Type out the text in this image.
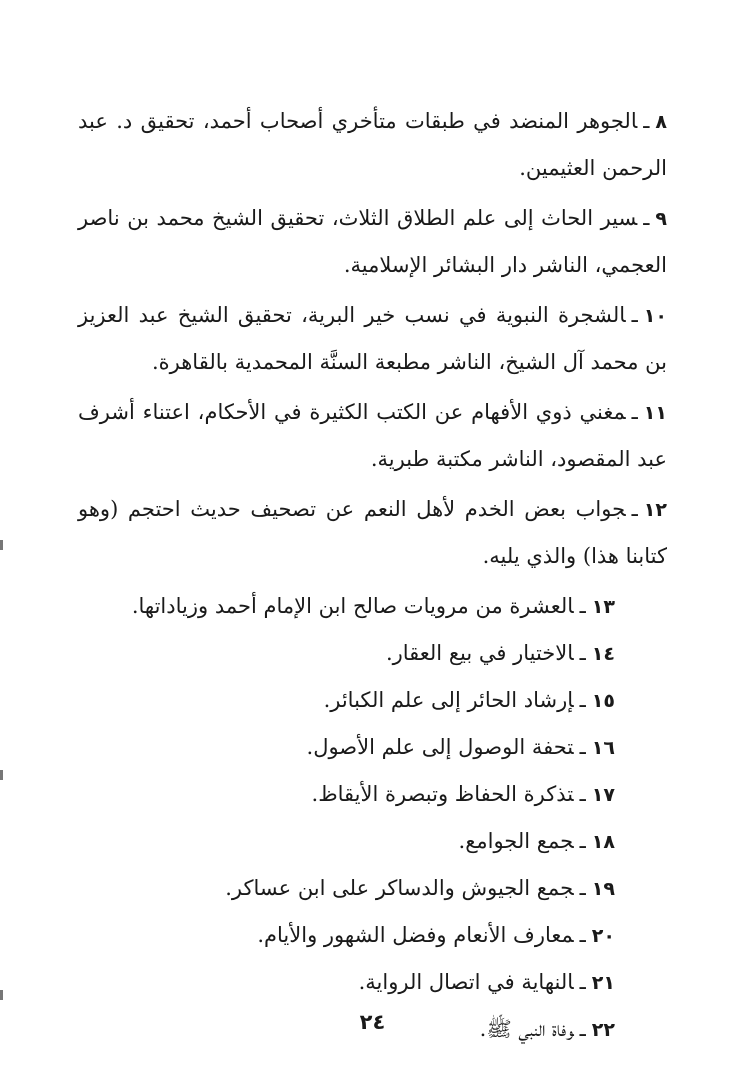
٨ـالجوهر المنضد في طبقات متأخري أصحاب أحمد، تحقيق د. عبد الرحمن العثيمين.

٩ـسير الحاث إلى علم الطلاق الثلاث، تحقيق الشيخ محمد بن ناصر العجمي، الناشر دار البشائر الإسلامية.

١٠ـالشجرة النبوية في نسب خير البرية، تحقيق الشيخ عبد العزيز بن محمد آل الشيخ، الناشر مطبعة السنَّة المحمدية بالقاهرة.

١١ـمغني ذوي الأفهام عن الكتب الكثيرة في الأحكام، اعتناء أشرف عبد المقصود، الناشر مكتبة طبرية.

١٢ـجواب بعض الخدم لأهل النعم عن تصحيف حديث احتجم (وهو كتابنا هذا) والذي يليه.

١٣ـالعشرة من مرويات صالح ابن الإمام أحمد وزياداتها.

١٤ـالاختيار في بيع العقار.

١٥ـإرشاد الحائر إلى علم الكبائر.

١٦ـتحفة الوصول إلى علم الأصول.

١٧ـتذكرة الحفاظ وتبصرة الأيقاظ.

١٨ـجمع الجوامع.

١٩ـجمع الجيوش والدساكر على ابن عساكر.

٢٠ـمعارف الأنعام وفضل الشهور والأيام.

٢١ـالنهاية في اتصال الرواية.

٢٢ـوفاة النبي ﷺ.

٢٤
